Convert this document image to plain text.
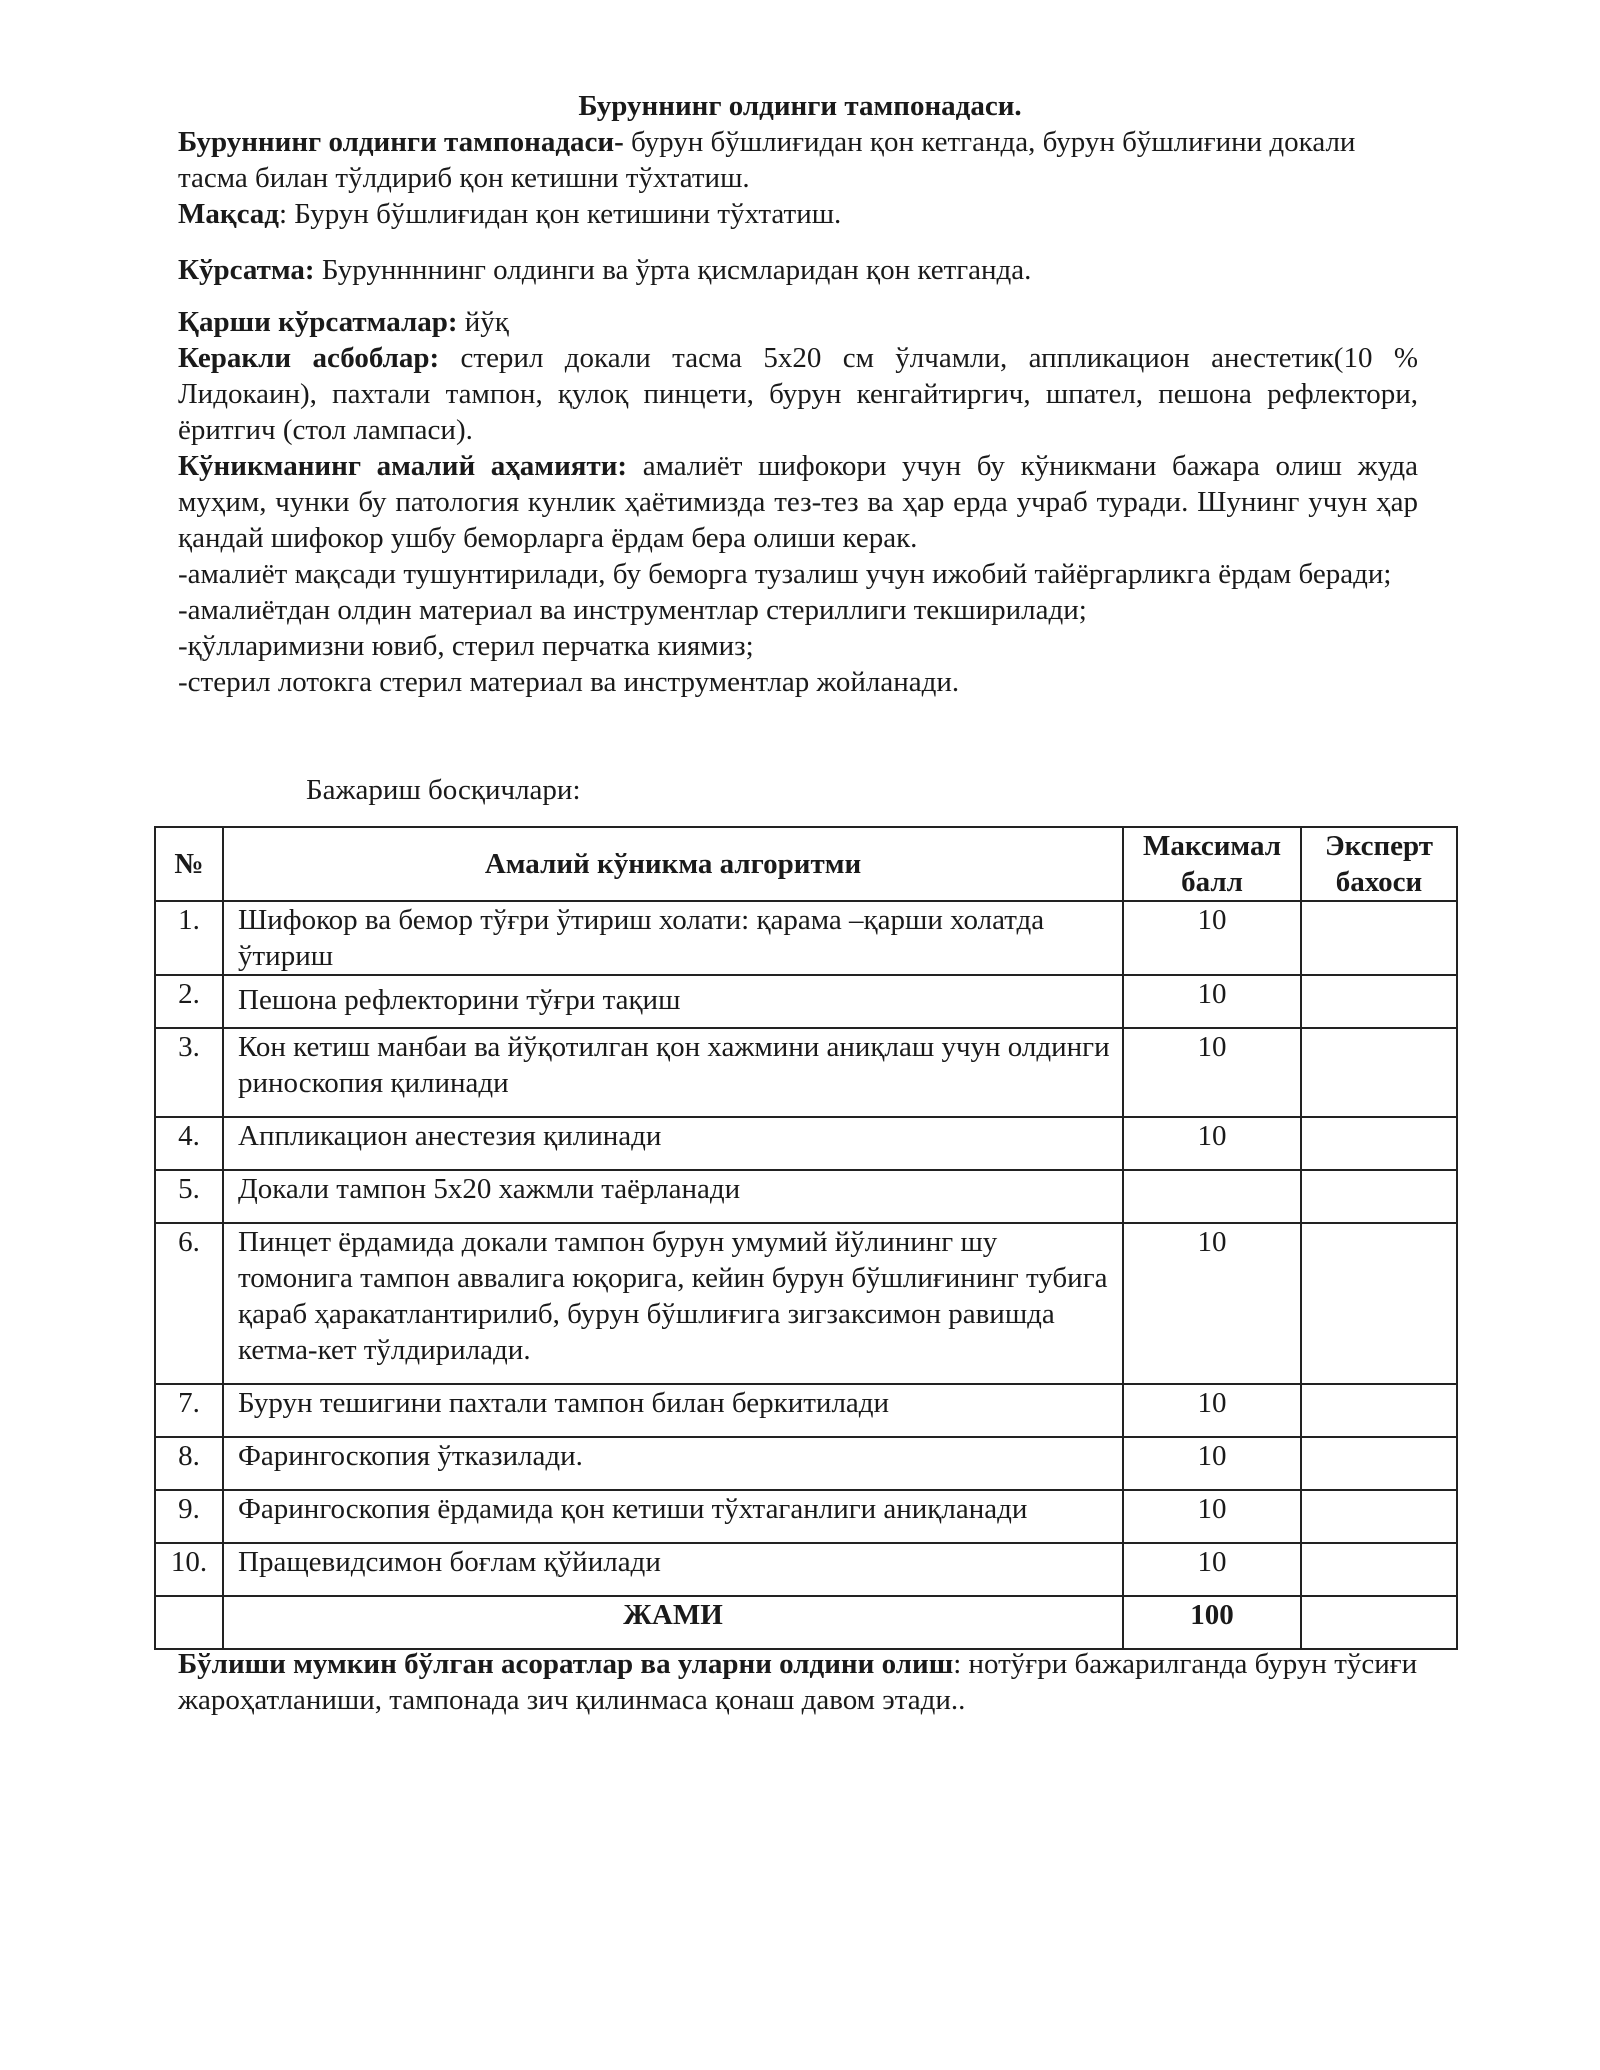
Буруннинг олдинги тампонадаси.

Буруннинг олдинги тампонадаси- бурун бўшлиғидан қон кетганда, бурун бўшлиғини докали тасма билан тўлдириб қон кетишни тўхтатиш.

Мақсад: Бурун бўшлиғидан қон кетишини тўхтатиш.

Кўрсатма: Буруннннинг олдинги ва ўрта қисмларидан қон кетганда.

Қарши кўрсатмалар: йўқ

Керакли асбоблар: стерил докали тасма 5х20 см ўлчамли, аппликацион анестетик(10 % Лидокаин), пахтали тампон, қулоқ пинцети, бурун кенгайтиргич, шпател, пешона рефлектори, ёритгич (стол лампаси).

Кўникманинг амалий аҳамияти: амалиёт шифокори учун бу кўникмани бажара олиш жуда муҳим, чунки бу патология кунлик ҳаётимизда тез-тез ва ҳар ерда учраб туради. Шунинг учун ҳар қандай шифокор ушбу беморларга ёрдам бера олиши керак.

-амалиёт мақсади тушунтирилади, бу беморга тузалиш учун ижобий тайёргарликга ёрдам беради;

-амалиётдан олдин материал ва инструментлар стериллиги текширилади;

-қўлларимизни ювиб, стерил перчатка киямиз;

-стерил лотокга стерил материал ва инструментлар жойланади.

Бажариш босқичлари:
№	Амалий кўникма алгоритми	Максимал балл	Эксперт бахоси
1.	Шифокор ва бемор тўғри ўтириш холати: қарама –қарши холатда ўтириш	10	
2.	Пешона рефлекторини тўғри тақиш	10	
3.	Кон кетиш манбаи ва йўқотилган қон хажмини аниқлаш учун олдинги риноскопия қилинади	10	
4.	Аппликацион анестезия қилинади	10	
5.	Докали тампон 5х20 хажмли таёрланади		
6.	Пинцет ёрдамида докали тампон бурун умумий йўлининг шу томонига тампон аввалига юқорига, кейин бурун бўшлиғининг тубига қараб ҳаракатлантирилиб, бурун бўшлиғига зигзаксимон равишда кетма-кет тўлдирилади.	10	
7.	Бурун тешигини пахтали тампон билан беркитилади	10	
8.	Фарингоскопия ўтказилади.	10	
9.	Фарингоскопия ёрдамида қон кетиши тўхтаганлиги аниқланади	10	
10.	Пращевидсимон боғлам қўйилади	10	
	ЖАМИ	100	

Бўлиши мумкин бўлган асоратлар ва уларни олдини олиш: нотўғри бажарилганда бурун тўсиғи жароҳатланиши, тампонада зич қилинмаса қонаш давом этади..
